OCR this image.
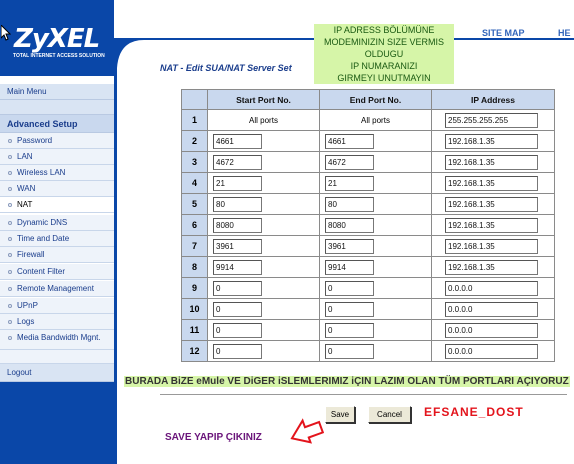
ZyXEL
TOTAL INTERNET ACCESS SOLUTION
Main Menu
Advanced Setup
Password
LAN
Wireless LAN
WAN
NAT
Dynamic DNS
Time and Date
Firewall
Content Filter
Remote Management
UPnP
Logs
Media Bandwidth Mgnt.
Logout
SITE MAP	HE
IP ADRESS BÖLÜMÜNE
MODEMINIZIN SIZE VERMIS OLDUGU
IP NUMARANIZI
GIRMEYI UNUTMAYIN
NAT - Edit SUA/NAT Server Set
	Start Port No.	End Port No.	IP Address
1	All ports	All ports	255.255.255.255
2	4661	4661	192.168.1.35
3	4672	4672	192.168.1.35
4	21	21	192.168.1.35
5	80	80	192.168.1.35
6	8080	8080	192.168.1.35
7	3961	3961	192.168.1.35
8	9914	9914	192.168.1.35
9	0	0	0.0.0.0
10	0	0	0.0.0.0
11	0	0	0.0.0.0
12	0	0	0.0.0.0
BURADA BiZE eMule VE DiGER iSLEMLERIMIZ iÇIN LAZIM OLAN TÜM PORTLARI AÇIYORUZ
Save	Cancel	EFSANE_DOST
SAVE YAPIP ÇIKINIZ
